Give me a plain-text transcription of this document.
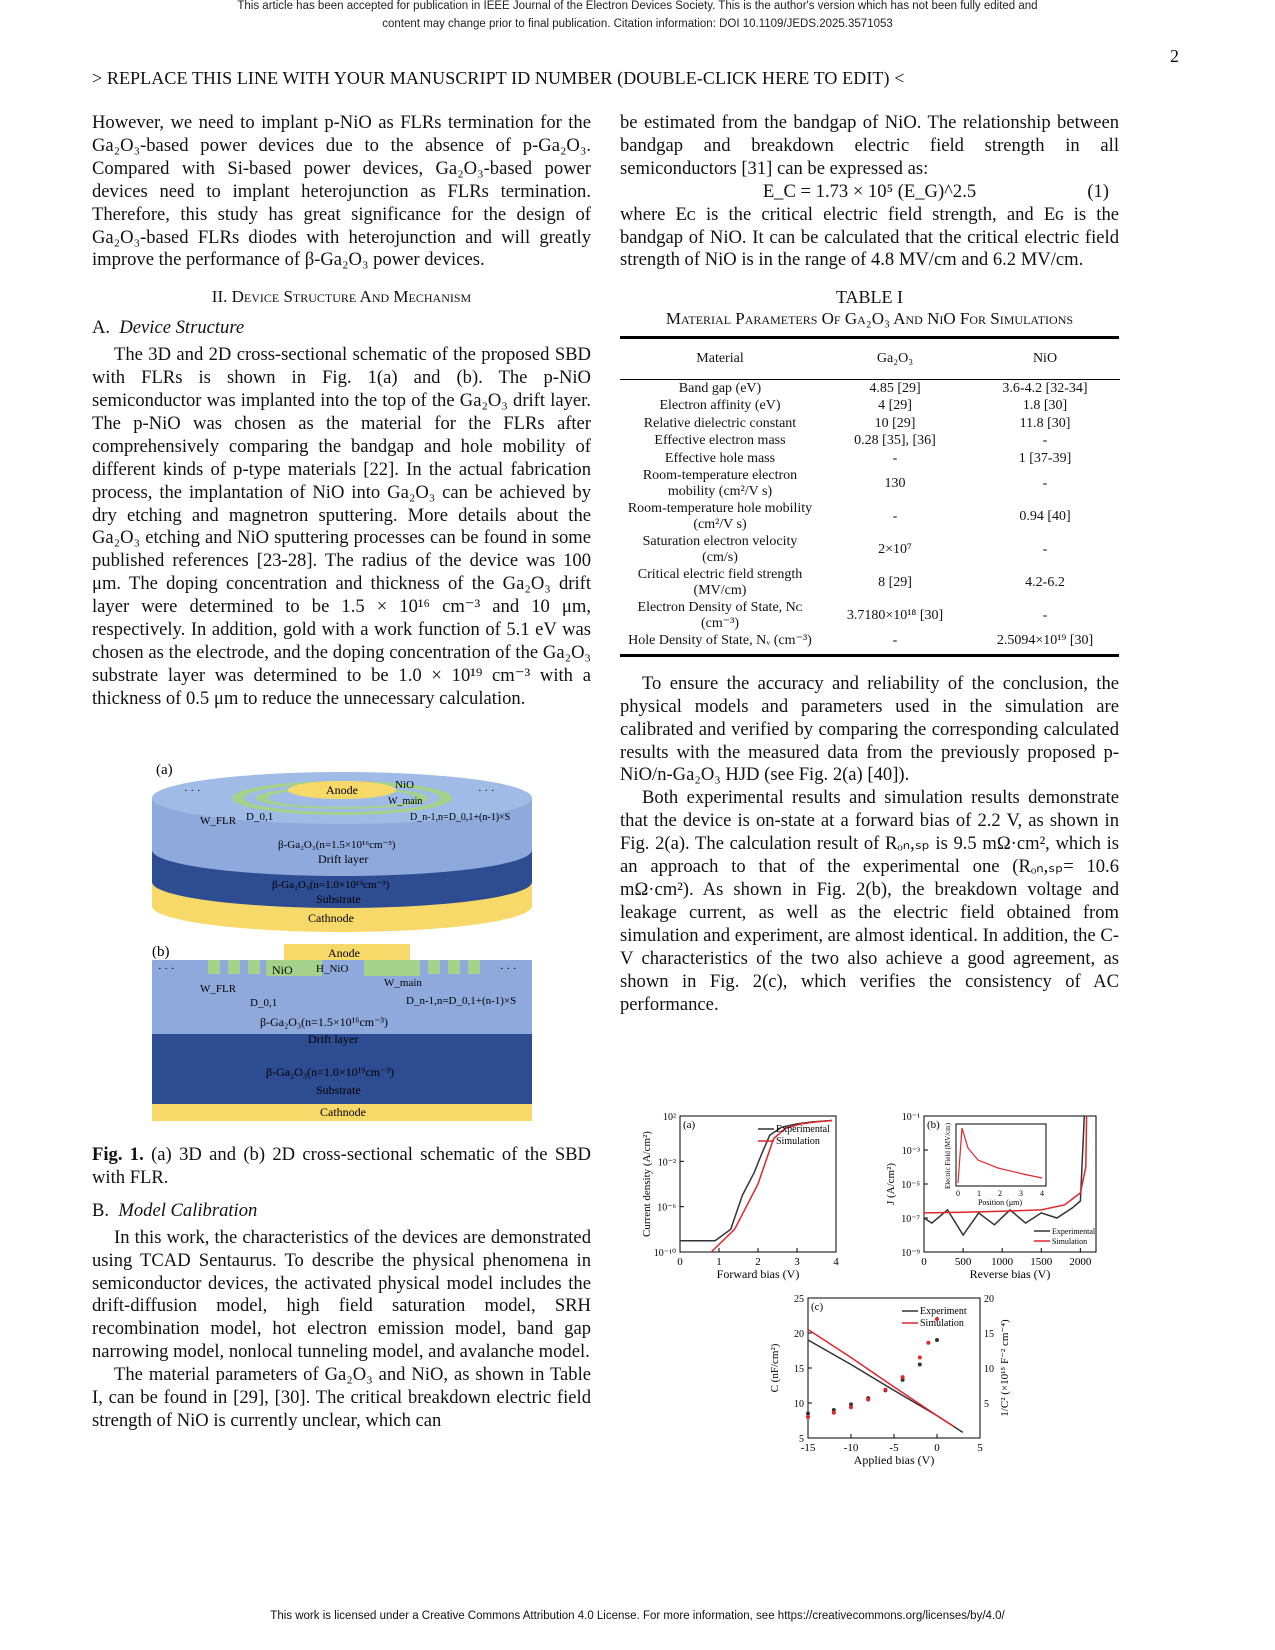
This article has been accepted for publication in IEEE Journal of the Electron Devices Society. This is the author's version which has not been fully edited and
content may change prior to final publication. Citation information: DOI 10.1109/JEDS.2025.3571053
2
> REPLACE THIS LINE WITH YOUR MANUSCRIPT ID NUMBER (DOUBLE-CLICK HERE TO EDIT) <

However, we need to implant p-NiO as FLRs termination for the Ga₂O₃-based power devices due to the absence of p-Ga₂O₃. Compared with Si-based power devices, Ga₂O₃-based power devices need to implant heterojunction as FLRs termination. Therefore, this study has great significance for the design of Ga₂O₃-based FLRs diodes with heterojunction and will greatly improve the performance of β-Ga₂O₃ power devices.

II. Device Structure And Mechanism
A. Device Structure

The 3D and 2D cross-sectional schematic of the proposed SBD with FLRs is shown in Fig. 1(a) and (b). The p-NiO semiconductor was implanted into the top of the Ga₂O₃ drift layer. The p-NiO was chosen as the material for the FLRs after comprehensively comparing the bandgap and hole mobility of different kinds of p-type materials [22]. In the actual fabrication process, the implantation of NiO into Ga₂O₃ can be achieved by dry etching and magnetron sputtering. More details about the Ga₂O₃ etching and NiO sputtering processes can be found in some published references [23-28]. The radius of the device was 100 μm. The doping concentration and thickness of the Ga₂O₃ drift layer were determined to be 1.5 × 10¹⁶ cm⁻³ and 10 μm, respectively. In addition, gold with a work function of 5.1 eV was chosen as the electrode, and the doping concentration of the Ga₂O₃ substrate layer was determined to be 1.0 × 10¹⁹ cm⁻³ with a thickness of 0.5 μm to reduce the unnecessary calculation.

(a)
Anode	NiO
W_main
· · ·	· · ·
W_FLR D_0,1	D_n-1,n=D_0,1+(n-1)×S
β-Ga₂O₃(n=1.5×10¹⁶cm⁻³)
Drift layer
β-Ga₂O₃(n=1.0×10¹⁹cm⁻³)
Substrate
Cathnode
(b)	Anode
· · ·	· · ·
NiO H_NiO
W_FLR	W_main
D_0,1	D_n-1,n=D_0,1+(n-1)×S
β-Ga₂O₃(n=1.5×10¹⁶cm⁻³)
Drift layer
β-Ga₂O₃(n=1.0×10¹⁹cm⁻³)
Substrate
Cathnode

Fig. 1. (a) 3D and (b) 2D cross-sectional schematic of the SBD with FLR.

B. Model Calibration

In this work, the characteristics of the devices are demonstrated using TCAD Sentaurus. To describe the physical phenomena in semiconductor devices, the activated physical model includes the drift-diffusion model, high field saturation model, SRH recombination model, hot electron emission model, band gap narrowing model, nonlocal tunneling model, and avalanche model.

The material parameters of Ga₂O₃ and NiO, as shown in Table I, can be found in [29], [30]. The critical breakdown electric field strength of NiO is currently unclear, which can

be estimated from the bandgap of NiO. The relationship between bandgap and breakdown electric field strength in all semiconductors [31] can be expressed as:

E_C = 1.73 × 10⁵ (E_G)^2.5	(1)

where Eᴄ is the critical electric field strength, and Eɢ is the bandgap of NiO. It can be calculated that the critical electric field strength of NiO is in the range of 4.8 MV/cm and 6.2 MV/cm.

TABLE I
Material Parameters Of Ga₂O₃ And NiO For Simulations
Material	Ga₂O₃	NiO
Band gap (eV)	4.85 [29]	3.6-4.2 [32-34]
Electron affinity (eV)	4 [29]	1.8 [30]
Relative dielectric constant	10 [29]	11.8 [30]
Effective electron mass	0.28 [35], [36]	-
Effective hole mass	-	1 [37-39]
Room-temperature electron mobility (cm²/V s)	130	-
Room-temperature hole mobility (cm²/V s)	-	0.94 [40]
Saturation electron velocity (cm/s)	2×10⁷	-
Critical electric field strength (MV/cm)	8 [29]	4.2-6.2
Electron Density of State, Nᴄ (cm⁻³)	3.7180×10¹⁸ [30]	-
Hole Density of State, Nᵥ (cm⁻³)	-	2.5094×10¹⁹ [30]

To ensure the accuracy and reliability of the conclusion, the physical models and parameters used in the simulation are calibrated and verified by comparing the corresponding calculated results with the measured data from the previously proposed p-NiO/n-Ga₂O₃ HJD (see Fig. 2(a) [40]).

Both experimental results and simulation results demonstrate that the device is on-state at a forward bias of 2.2 V, as shown in Fig. 2(a). The calculation result of Rₒₙ,ₛₚ is 9.5 mΩ·cm², which is an approach to that of the experimental one (Rₒₙ,ₛₚ= 10.6 mΩ·cm²). As shown in Fig. 2(b), the breakdown voltage and leakage current, as well as the electric field obtained from simulation and experiment, are almost identical. In addition, the C-V characteristics of the two also achieve a good agreement, as shown in Fig. 2(c), which verifies the consistency of AC performance.

0	1	2	3	4
10⁻¹⁰
10⁻⁶
10⁻²
10²
Forward bias (V)
Current density (A/cm²)
(a)	Experimental
Simulation
0	500 1000 1500 2000
10⁻⁹
10⁻⁷
10⁻⁵
10⁻³
10⁻¹
Reverse bias (V)
J (A/cm²)
(b)
Experimental
Simulation
-15	-10	-5	0	5
5
10
15
20
25
5
10
15
20
1/C² (×10¹⁵ F⁻² cm⁻⁴)
Applied bias (V)
C (nF/cm²)
(c)	Experiment
Simulation
0 1 2 3 4
Position (μm)
Electric Field (MV/cm)
This work is licensed under a Creative Commons Attribution 4.0 License. For more information, see https://creativecommons.org/licenses/by/4.0/
